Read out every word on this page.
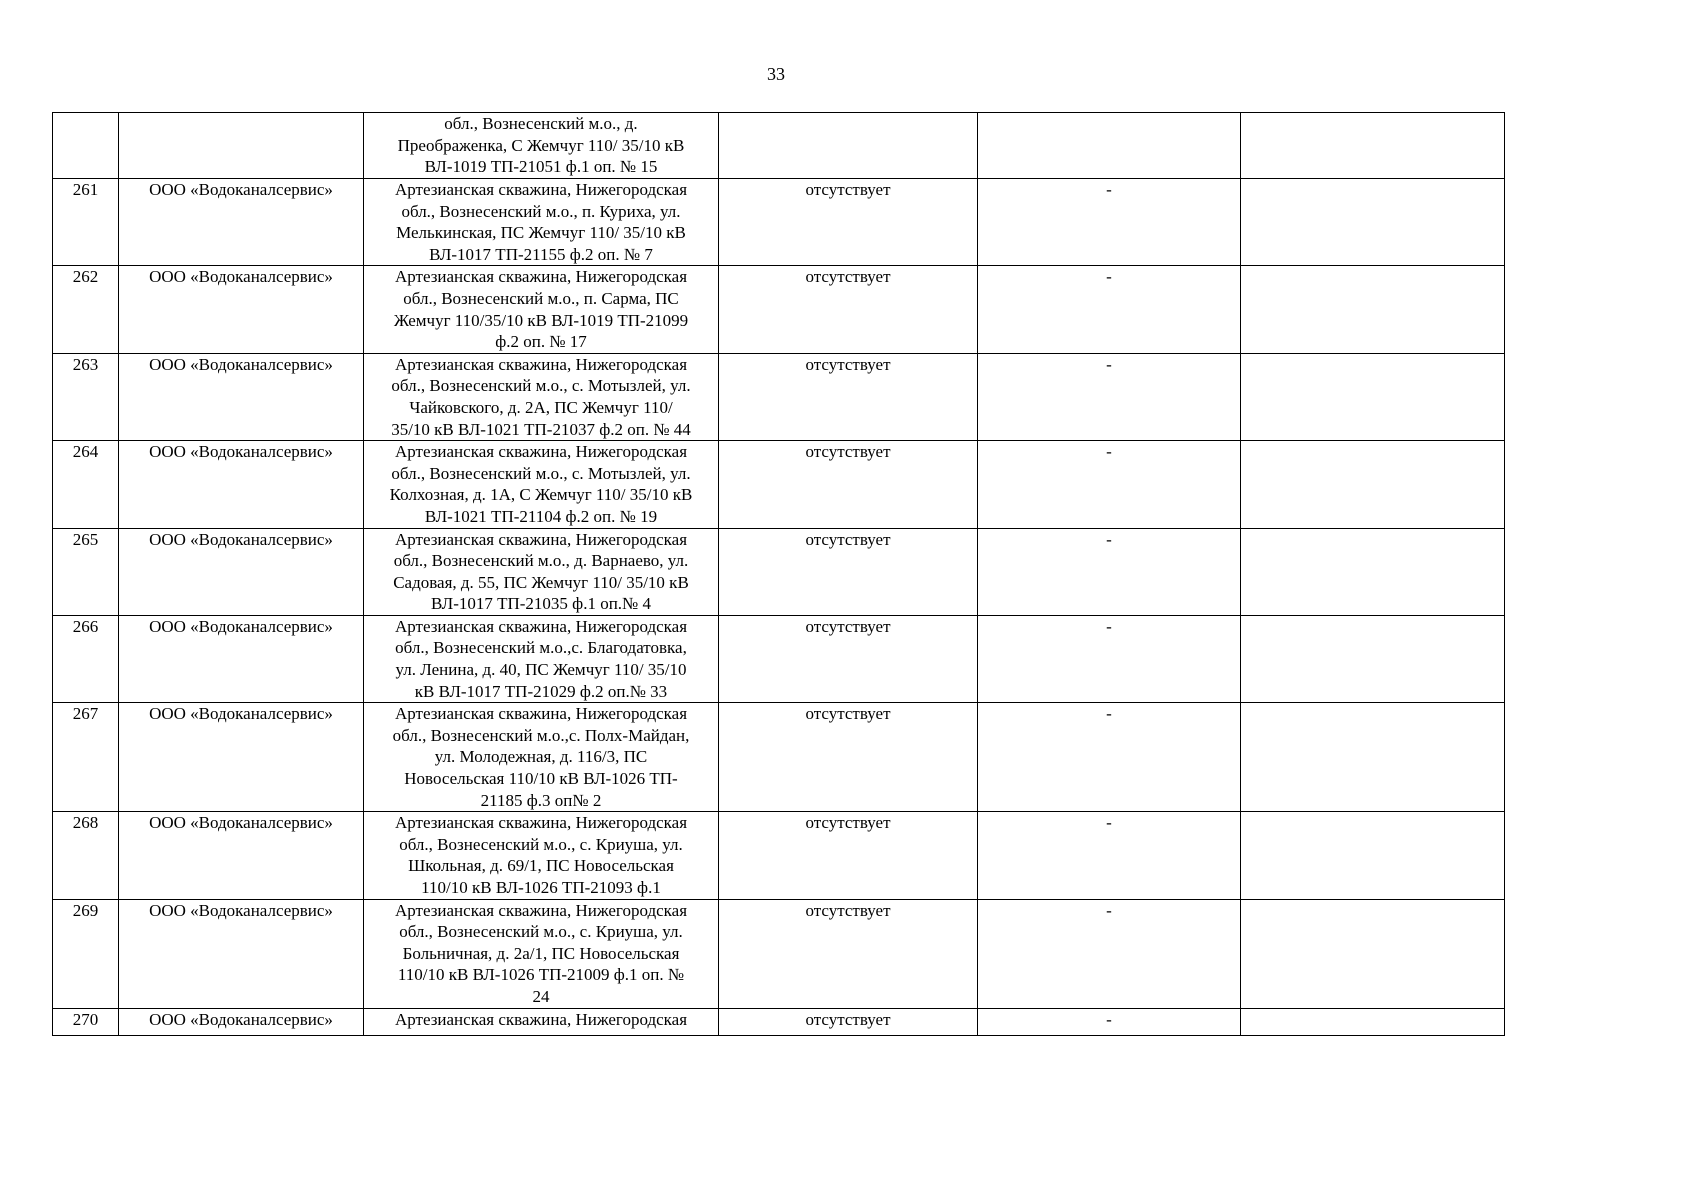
33

		обл., Вознесенский м.о., д.
Преображенка, С Жемчуг 110/ 35/10 кВ
ВЛ-1019 ТП-21051 ф.1 оп. № 15			

261	ООО «Водоканалсервис»	Артезианская скважина, Нижегородская
обл., Вознесенский м.о., п. Куриха, ул.
Мелькинская, ПС Жемчуг 110/ 35/10 кВ
ВЛ-1017 ТП-21155 ф.2 оп. № 7	отсутствует	-	
262	ООО «Водоканалсервис»	Артезианская скважина, Нижегородская
обл., Вознесенский м.о., п. Сарма, ПС
Жемчуг 110/35/10 кВ ВЛ-1019 ТП-21099
ф.2 оп. № 17	отсутствует	-	
263	ООО «Водоканалсервис»	Артезианская скважина, Нижегородская
обл., Вознесенский м.о., с. Мотызлей, ул.
Чайковского, д. 2А, ПС Жемчуг 110/
35/10 кВ ВЛ-1021 ТП-21037 ф.2 оп. № 44	отсутствует	-	
264	ООО «Водоканалсервис»	Артезианская скважина, Нижегородская
обл., Вознесенский м.о., с. Мотызлей, ул.
Колхозная, д. 1А, С Жемчуг 110/ 35/10 кВ
ВЛ-1021 ТП-21104 ф.2 оп. № 19	отсутствует	-	
265	ООО «Водоканалсервис»	Артезианская скважина, Нижегородская
обл., Вознесенский м.о., д. Варнаево, ул.
Садовая, д. 55, ПС Жемчуг 110/ 35/10 кВ
ВЛ-1017 ТП-21035 ф.1 оп.№ 4	отсутствует	-	
266	ООО «Водоканалсервис»	Артезианская скважина, Нижегородская
обл., Вознесенский м.о.,с. Благодатовка,
ул. Ленина, д. 40, ПС Жемчуг 110/ 35/10
кВ ВЛ-1017 ТП-21029 ф.2 оп.№ 33	отсутствует	-	
267	ООО «Водоканалсервис»	Артезианская скважина, Нижегородская
обл., Вознесенский м.о.,с. Полх-Майдан,
ул. Молодежная, д. 116/3, ПС
Новосельская 110/10 кВ ВЛ-1026 ТП-
21185 ф.3 оп№ 2	отсутствует	-	
268	ООО «Водоканалсервис»	Артезианская скважина, Нижегородская
обл., Вознесенский м.о., с. Криуша, ул.
Школьная, д. 69/1, ПС Новосельская
110/10 кВ ВЛ-1026 ТП-21093 ф.1	отсутствует	-	
269	ООО «Водоканалсервис»	Артезианская скважина, Нижегородская
обл., Вознесенский м.о., с. Криуша, ул.
Больничная, д. 2а/1, ПС Новосельская
110/10 кВ ВЛ-1026 ТП-21009 ф.1 оп. №
24	отсутствует	-	
270	ООО «Водоканалсервис»	Артезианская скважина, Нижегородская	отсутствует	-	
